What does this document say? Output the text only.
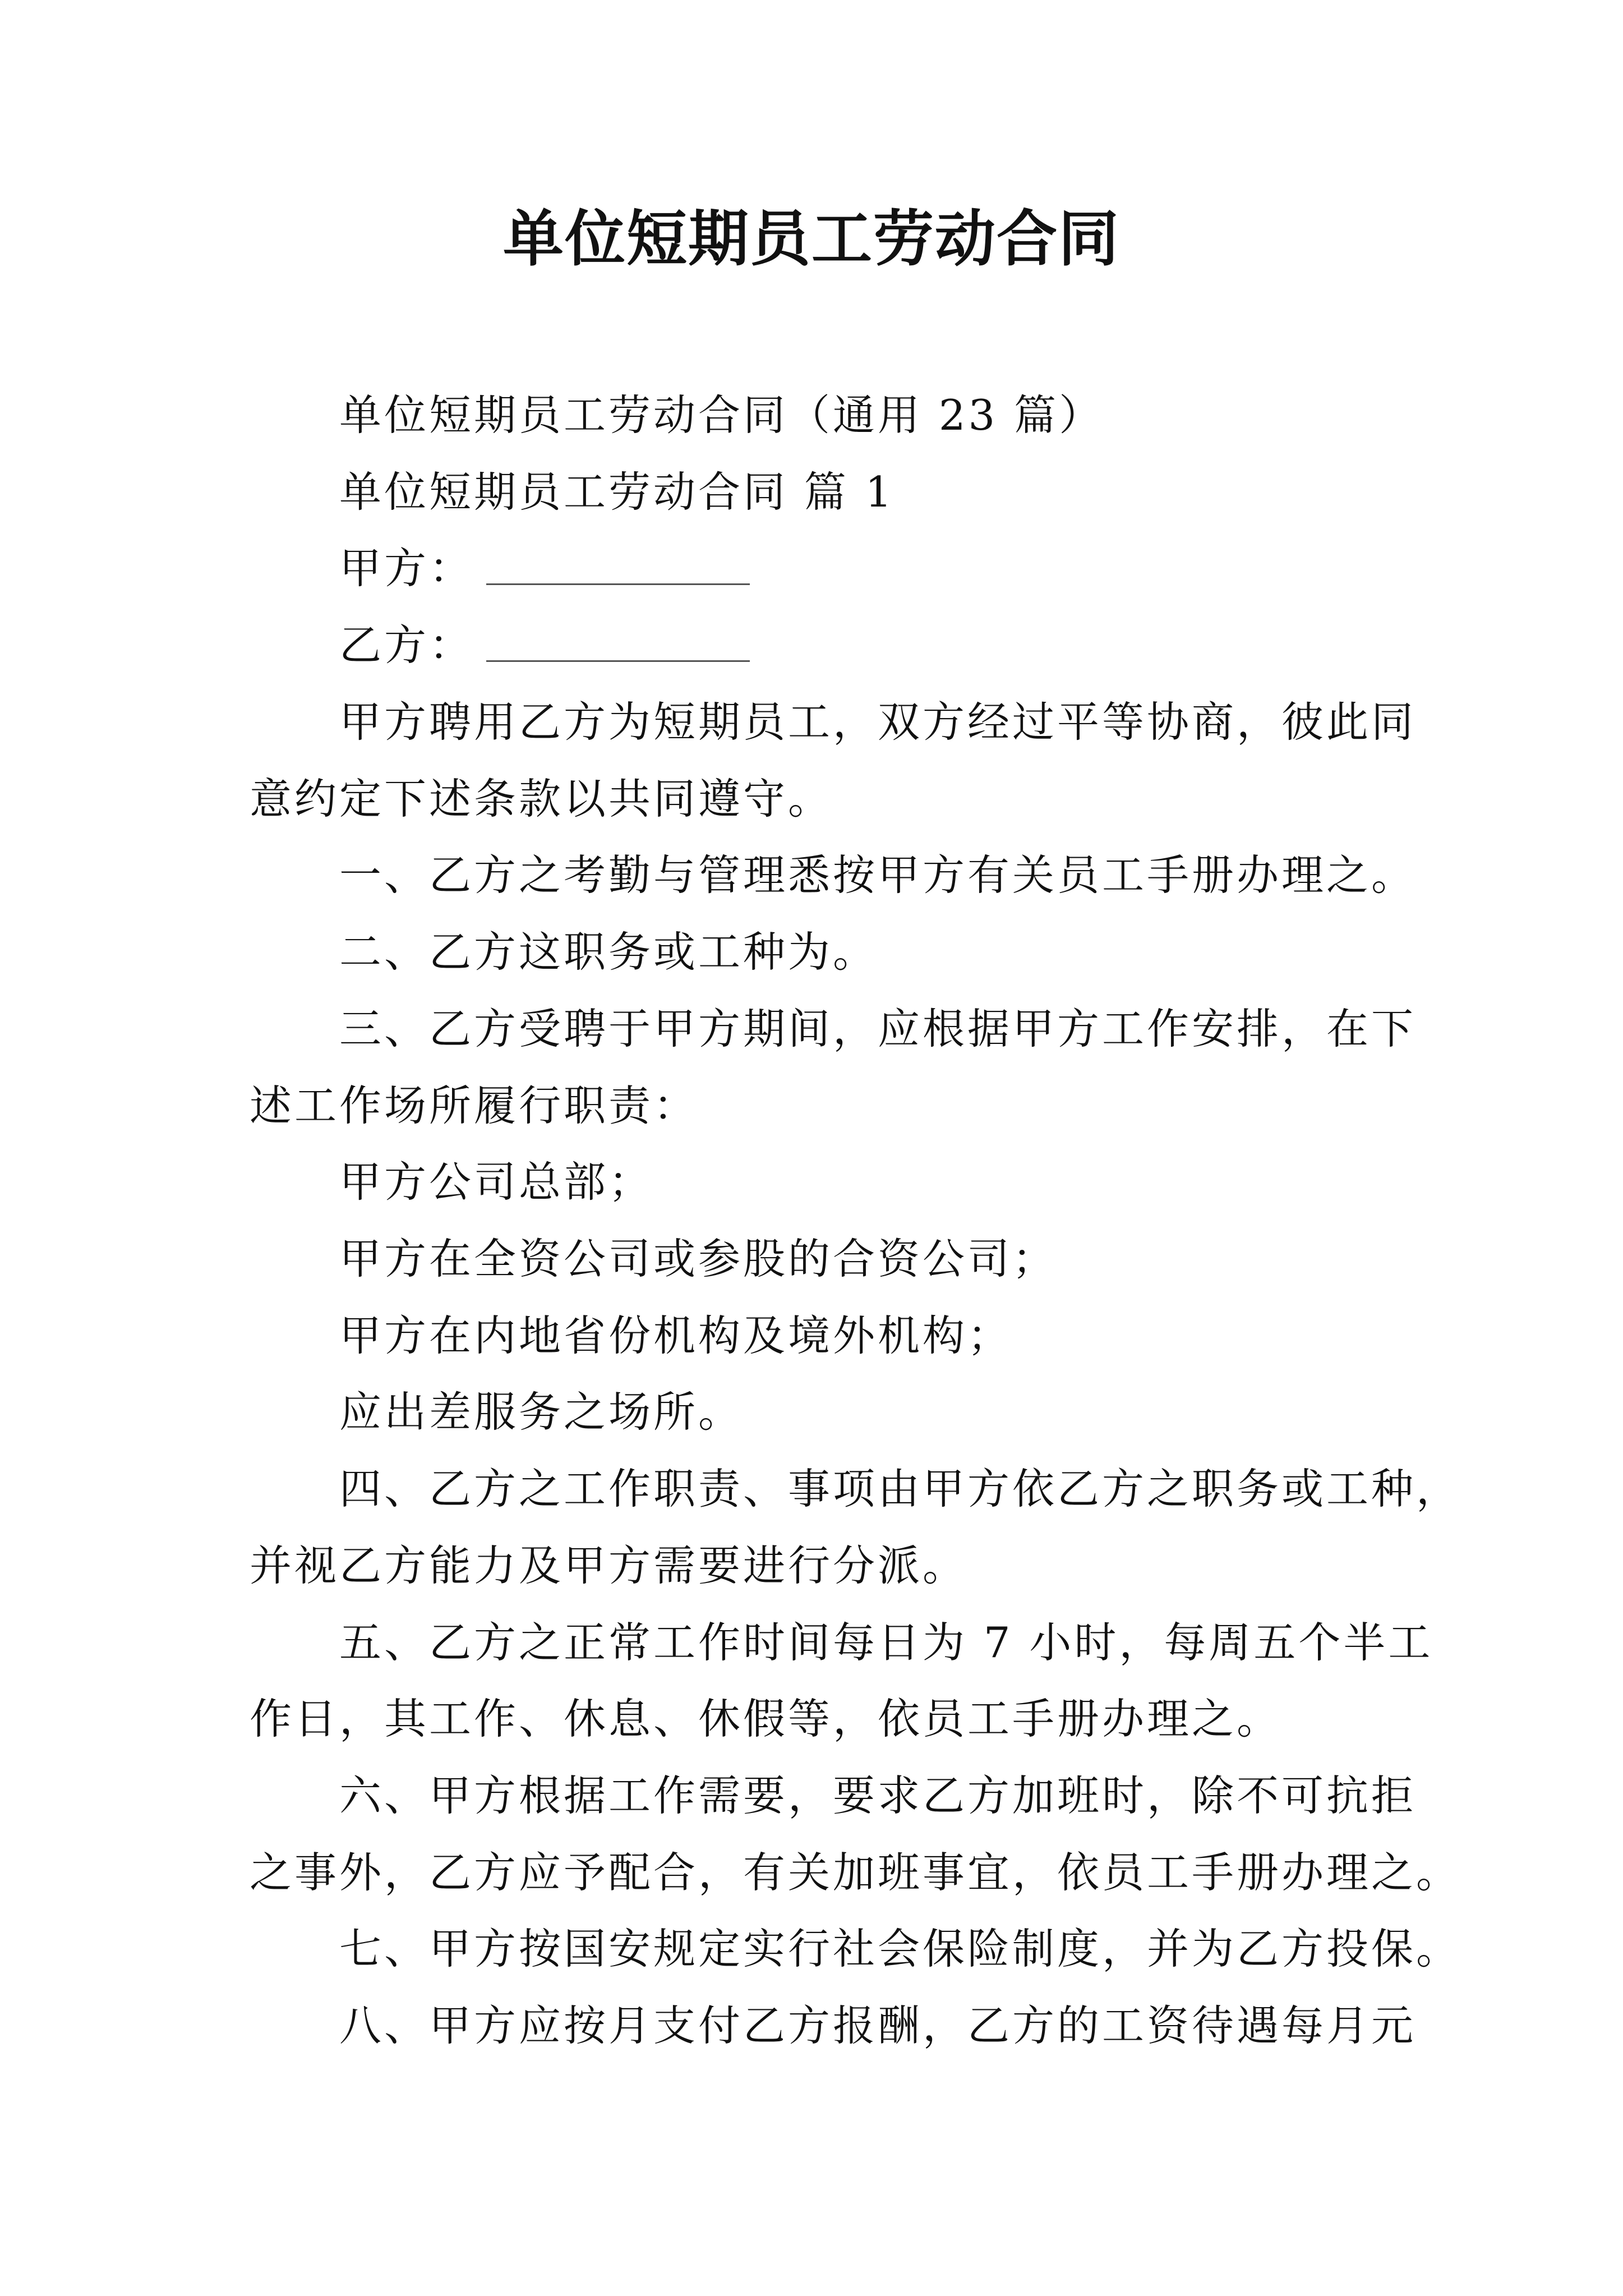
单位短期员工劳动合同
单位短期员工劳动合同（通用 23 篇）
单位短期员工劳动合同 篇 1
甲方：
乙方：
甲方聘用乙方为短期员工，双方经过平等协商，彼此同
意约定下述条款以共同遵守。
一、乙方之考勤与管理悉按甲方有关员工手册办理之。
二、乙方这职务或工种为。
三、乙方受聘于甲方期间，应根据甲方工作安排，在下
述工作场所履行职责：
甲方公司总部；
甲方在全资公司或参股的合资公司；
甲方在内地省份机构及境外机构；
应出差服务之场所。
四、乙方之工作职责、事项由甲方依乙方之职务或工种，
并视乙方能力及甲方需要进行分派。
五、乙方之正常工作时间每日为 7 小时，每周五个半工
作日，其工作、休息、休假等，依员工手册办理之。
六、甲方根据工作需要，要求乙方加班时，除不可抗拒
之事外，乙方应予配合，有关加班事宜，依员工手册办理之。
七、甲方按国安规定实行社会保险制度，并为乙方投保。
八、甲方应按月支付乙方报酬，乙方的工资待遇每月元
